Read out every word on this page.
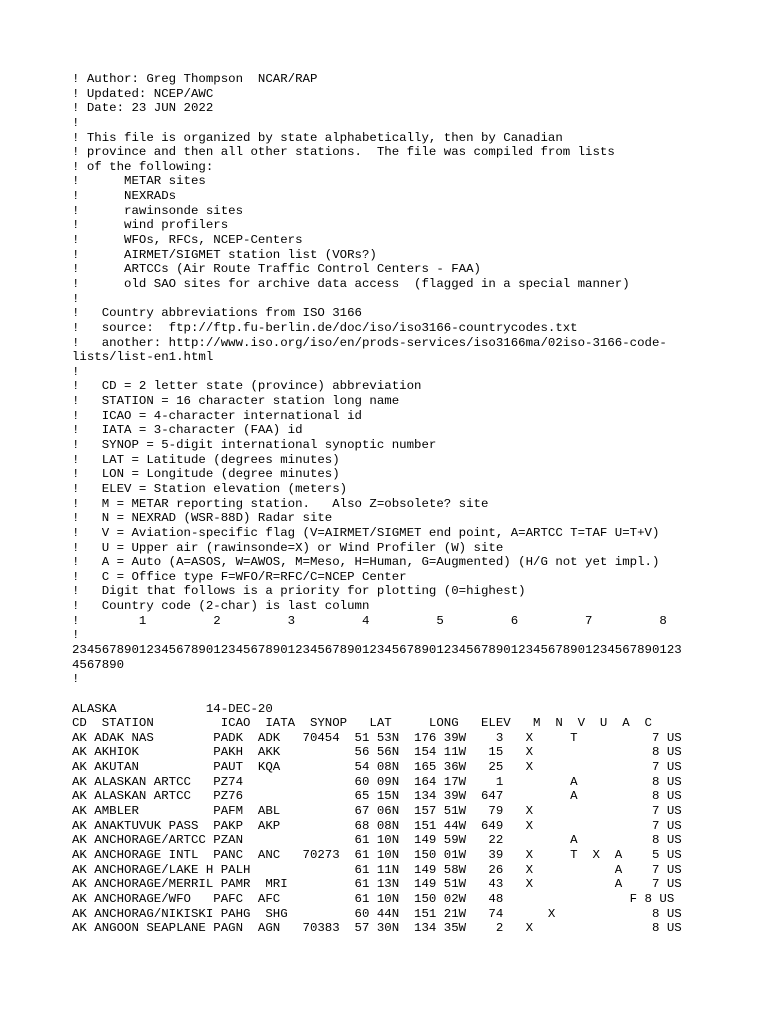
! Author: Greg Thompson  NCAR/RAP
! Updated: NCEP/AWC
! Date: 23 JUN 2022
!
! This file is organized by state alphabetically, then by Canadian
! province and then all other stations.  The file was compiled from lists
! of the following:
!      METAR sites
!      NEXRADs
!      rawinsonde sites
!      wind profilers
!      WFOs, RFCs, NCEP-Centers
!      AIRMET/SIGMET station list (VORs?)
!      ARTCCs (Air Route Traffic Control Centers - FAA)
!      old SAO sites for archive data access  (flagged in a special manner)
!
!   Country abbreviations from ISO 3166
!   source:  ftp://ftp.fu-berlin.de/doc/iso/iso3166-countrycodes.txt
!   another: http://www.iso.org/iso/en/prods-services/iso3166ma/02iso-3166-code-
lists/list-en1.html
!
!   CD = 2 letter state (province) abbreviation
!   STATION = 16 character station long name
!   ICAO = 4-character international id
!   IATA = 3-character (FAA) id
!   SYNOP = 5-digit international synoptic number
!   LAT = Latitude (degrees minutes)
!   LON = Longitude (degree minutes)
!   ELEV = Station elevation (meters)
!   M = METAR reporting station.   Also Z=obsolete? site
!   N = NEXRAD (WSR-88D) Radar site
!   V = Aviation-specific flag (V=AIRMET/SIGMET end point, A=ARTCC T=TAF U=T+V)
!   U = Upper air (rawinsonde=X) or Wind Profiler (W) site
!   A = Auto (A=ASOS, W=AWOS, M=Meso, H=Human, G=Augmented) (H/G not yet impl.)
!   C = Office type F=WFO/R=RFC/C=NCEP Center
!   Digit that follows is a priority for plotting (0=highest)
!   Country code (2-char) is last column
!        1         2         3         4         5         6         7         8
!
2345678901234567890123456789012345678901234567890123456789012345678901234567890123
4567890
!
ALASKA            14-DEC-20
CD  STATION         ICAO  IATA  SYNOP   LAT     LONG   ELEV   M  N  V  U  A  C
AK ADAK NAS        PADK  ADK   70454  51 53N  176 39W    3   X     T          7 US
AK AKHIOK          PAKH  AKK          56 56N  154 11W   15   X                8 US
AK AKUTAN          PAUT  KQA          54 08N  165 36W   25   X                7 US
AK ALASKAN ARTCC   PZ74               60 09N  164 17W    1         A          8 US
AK ALASKAN ARTCC   PZ76               65 15N  134 39W  647         A          8 US
AK AMBLER          PAFM  ABL          67 06N  157 51W   79   X                7 US
AK ANAKTUVUK PASS  PAKP  AKP          68 08N  151 44W  649   X                7 US
AK ANCHORAGE/ARTCC PZAN               61 10N  149 59W   22         A          8 US
AK ANCHORAGE INTL  PANC  ANC   70273  61 10N  150 01W   39   X     T  X  A    5 US
AK ANCHORAGE/LAKE H PALH              61 11N  149 58W   26   X           A    7 US
AK ANCHORAGE/MERRIL PAMR  MRI         61 13N  149 51W   43   X           A    7 US
AK ANCHORAGE/WFO   PAFC  AFC          61 10N  150 02W   48                 F 8 US
AK ANCHORAG/NIKISKI PAHG  SHG         60 44N  151 21W   74      X             8 US
AK ANGOON SEAPLANE PAGN  AGN   70383  57 30N  134 35W    2   X                8 US
